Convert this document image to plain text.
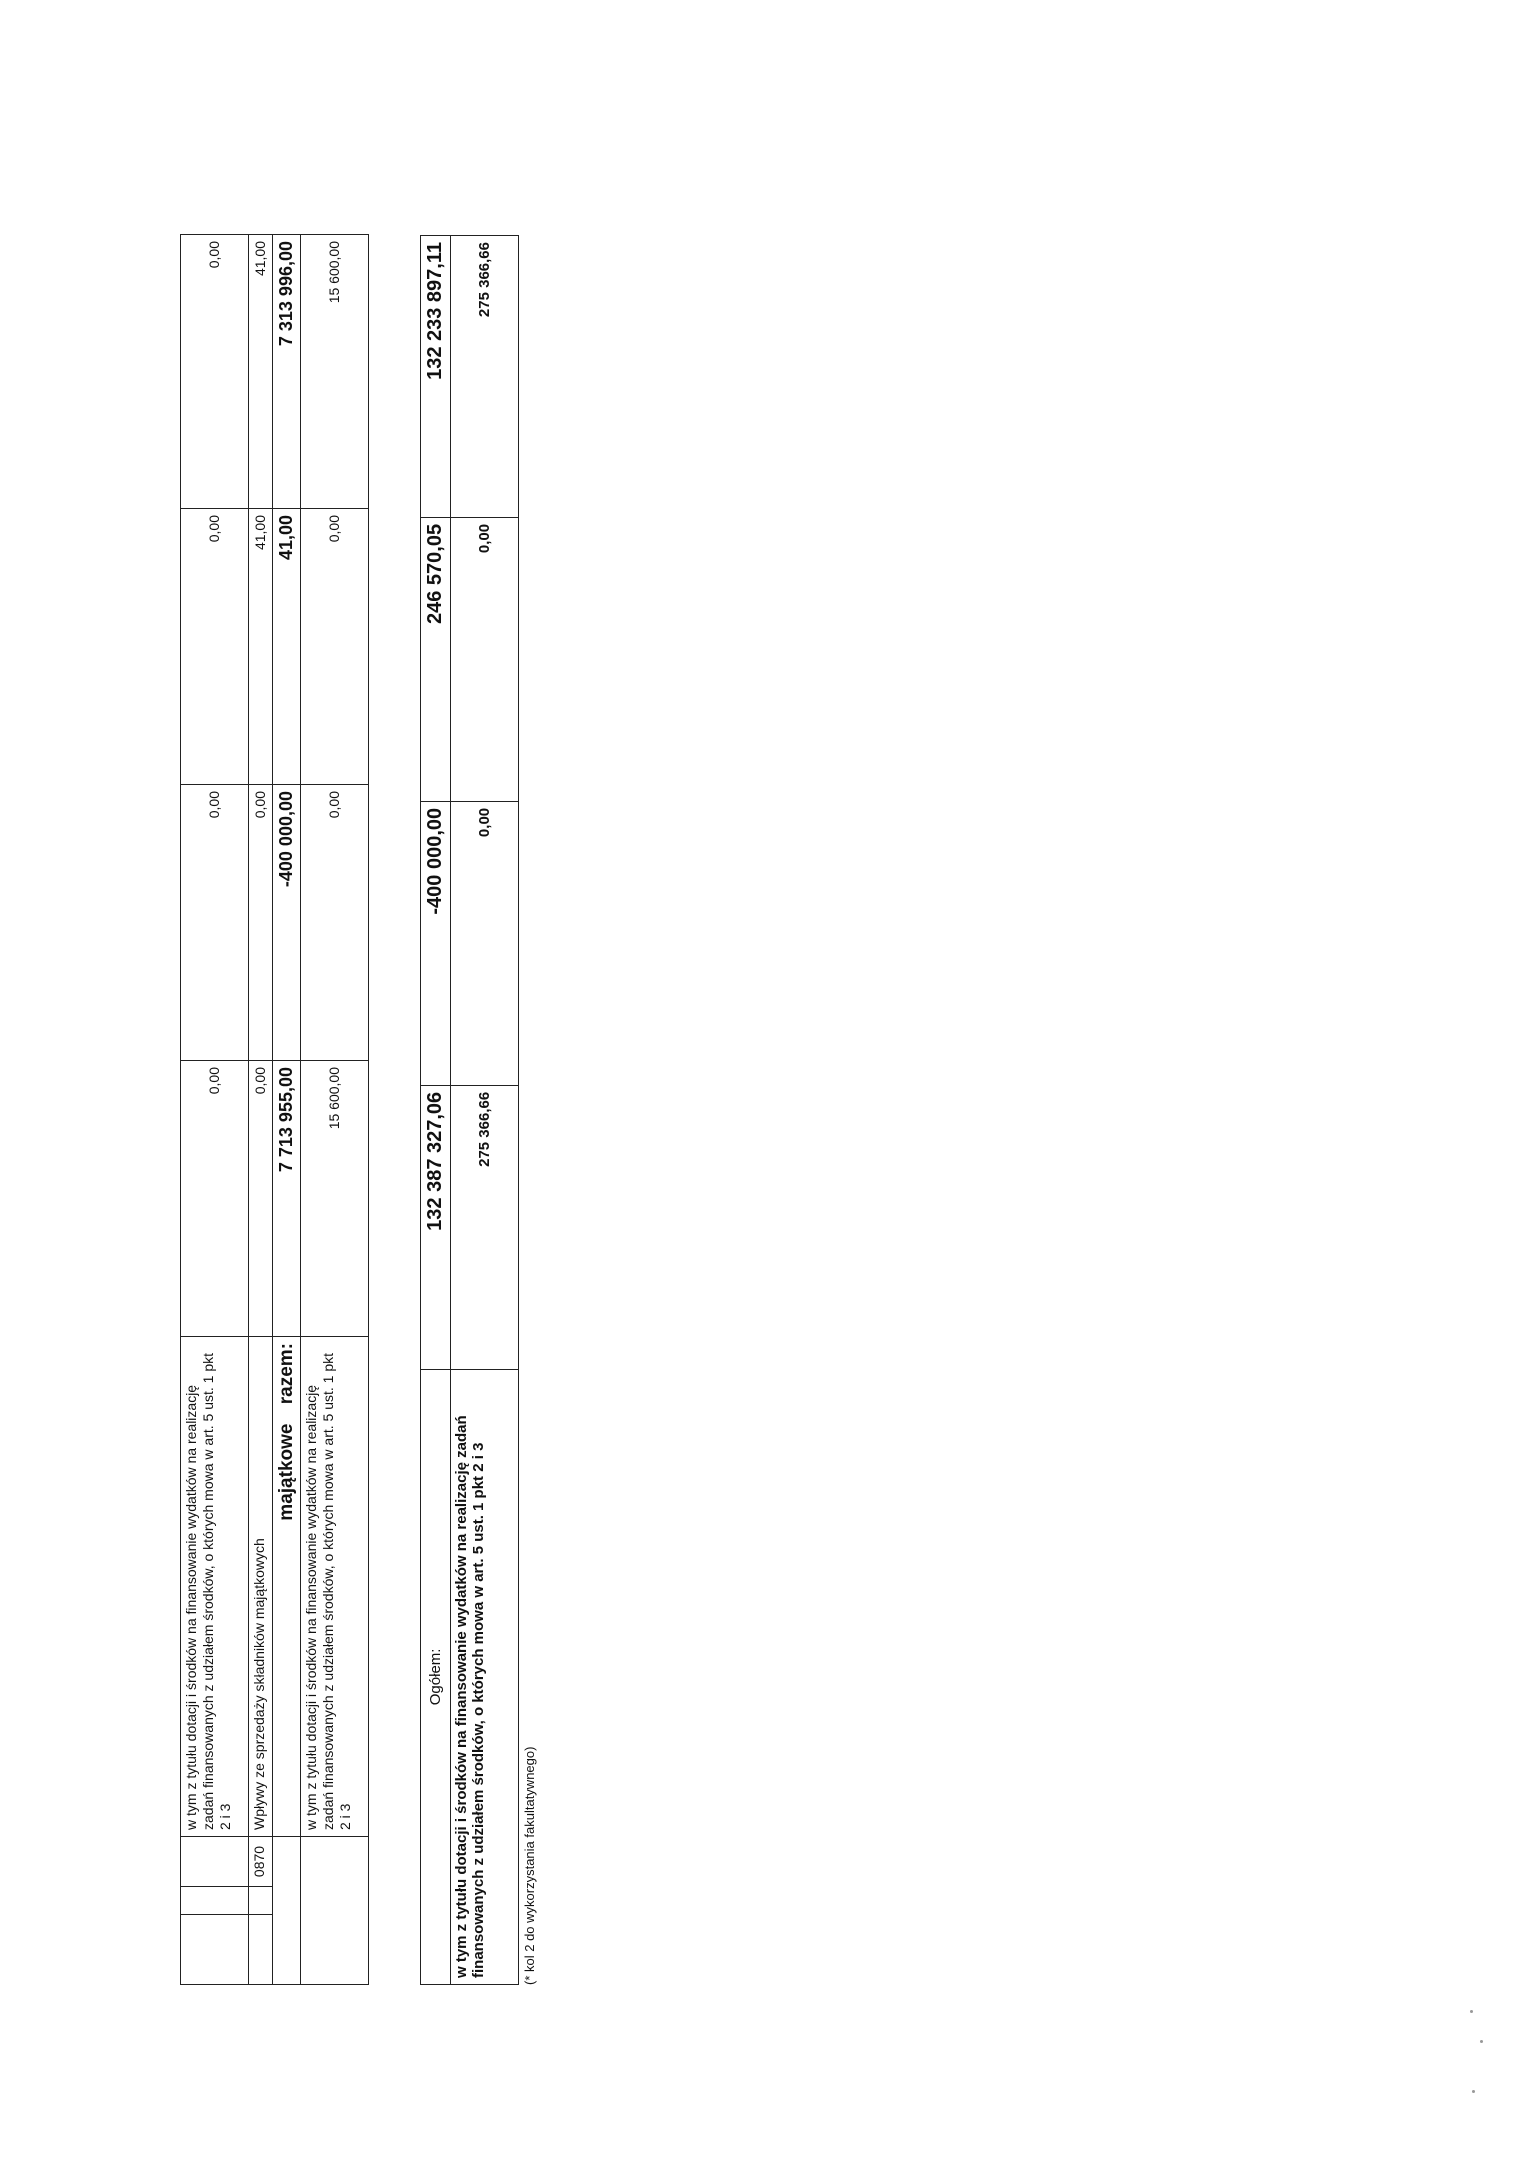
			w tym z tytułu dotacji i środków na finansowanie wydatków na realizację zadań finansowanych z udziałem środków, o których mowa w art. 5 ust. 1 pkt 2 i 3	0,00	0,00	0,00	0,00
		0870	Wpływy ze sprzedaży składników majątkowych	0,00	0,00	41,00	41,00
			majątkowe razem:	7 713 955,00	-400 000,00	41,00	7 313 996,00
			w tym z tytułu dotacji i środków na finansowanie wydatków na realizację zadań finansowanych z udziałem środków, o których mowa w art. 5 ust. 1 pkt 2 i 3	15 600,00	0,00	0,00	15 600,00
Ogółem:	132 387 327,06	-400 000,00	246 570,05	132 233 897,11
w tym z tytułu dotacji i środków na finansowanie wydatków na realizację zadań finansowanych z udziałem środków, o których mowa w art. 5 ust. 1 pkt 2 i 3	275 366,66	0,00	0,00	275 366,66
(* kol 2 do wykorzystania fakultatywnego)
